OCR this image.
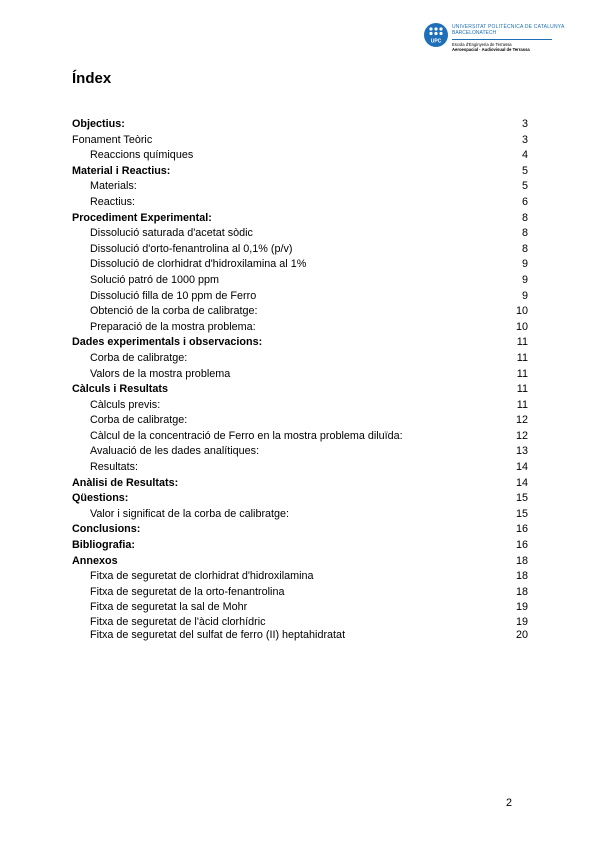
UPC
UNIVERSITAT POLITÈCNICA DE CATALUNYA
BARCELONATECH
Escola d'Enginyeria de Terrassa
Aeroespacial · Audiovisual de Terrassa
Índex
Objectius:	3
Fonament Teòric	3
Reaccions químiques	4
Material i Reactius:	5
Materials:	5
Reactius:	6
Procediment Experimental:	8
Dissolució saturada d'acetat sòdic	8
Dissolució d'orto-fenantrolina al 0,1% (p/v)	8
Dissolució de clorhidrat d'hidroxilamina al 1%	9
Solució patró de 1000 ppm	9
Dissolució filla de 10 ppm de Ferro	9
Obtenció de la corba de calibratge:	10
Preparació de la mostra problema:	10
Dades experimentals i observacions:	11
Corba de calibratge:	11
Valors de la mostra problema	11
Càlculs i Resultats	11
Càlculs previs:	11
Corba de calibratge:	12
Càlcul de la concentració de Ferro en la mostra problema diluïda:	12
Avaluació de les dades analítiques:	13
Resultats:	14
Anàlisi de Resultats:	14
Qüestions:	15
Valor i significat de la corba de calibratge:	15
Conclusions:	16
Bibliografia:	16
Annexos	18
Fitxa de seguretat de clorhidrat d'hidroxilamina	18
Fitxa de seguretat de la orto-fenantrolina	18
Fitxa de seguretat la sal de Mohr	19
Fitxa de seguretat de l'àcid clorhídric	19
Fitxa de seguretat del sulfat de ferro (II) heptahidratat	20
2
